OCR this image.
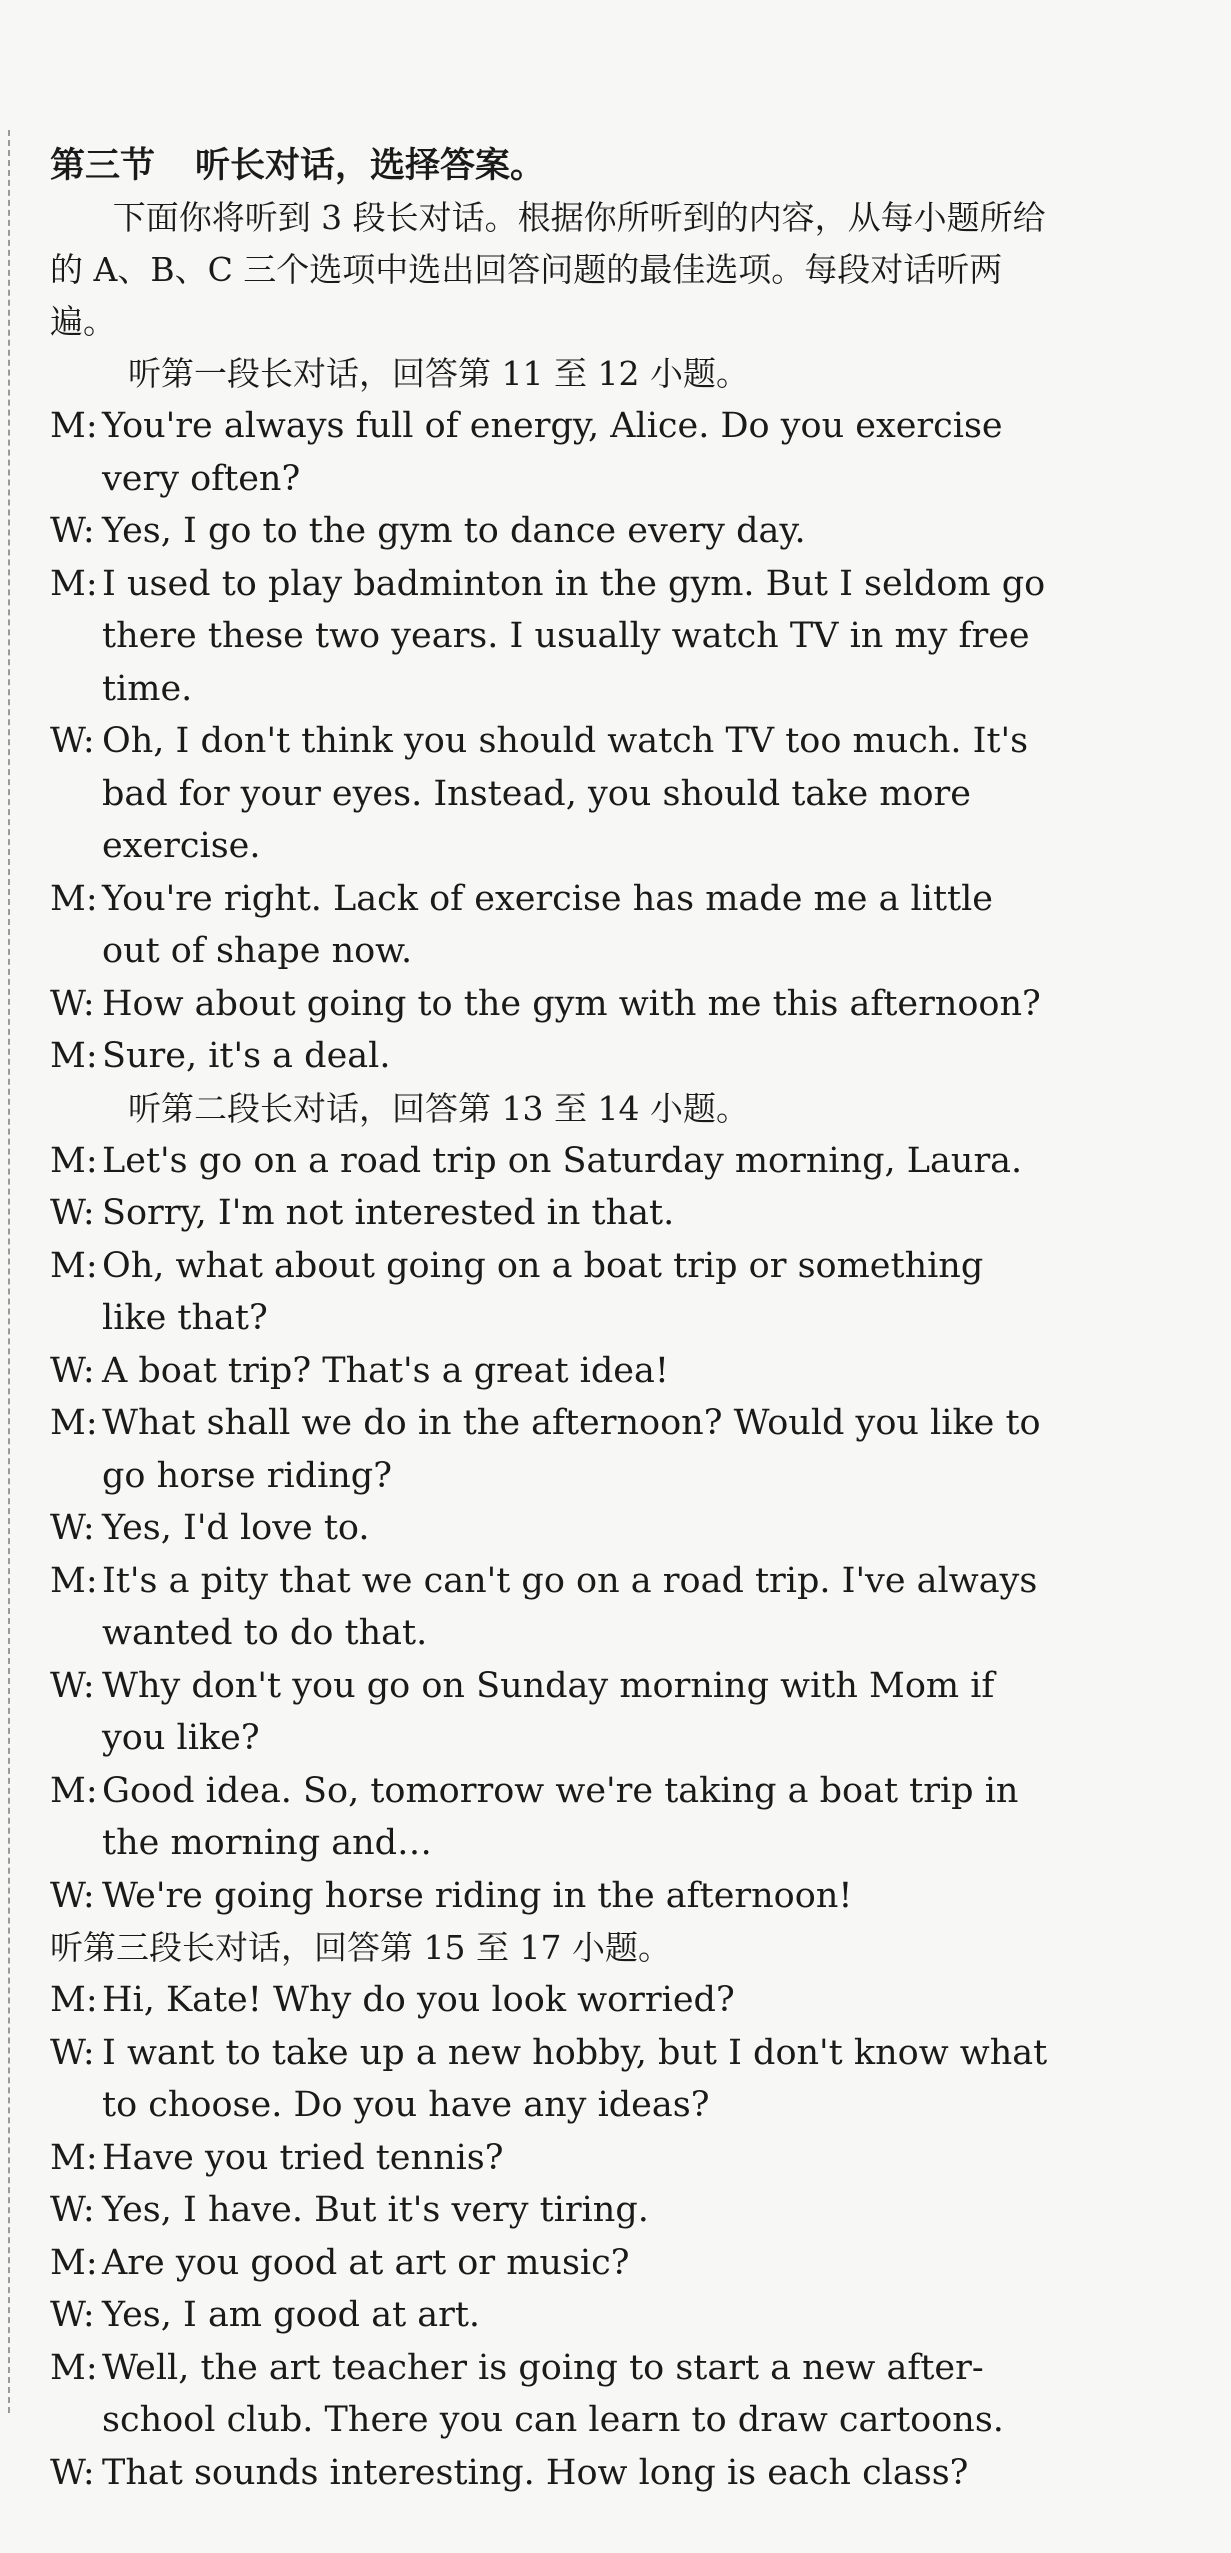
第三节 听长对话，选择答案。
下面你将听到 3 段长对话。根据你所听到的内容，从每小题所给的 A、B、C 三个选项中选出回答问题的最佳选项。每段对话听两遍。
听第一段长对话，回答第 11 至 12 小题。
M: You're always full of energy, Alice. Do you exercise very often?
W: Yes, I go to the gym to dance every day.
M: I used to play badminton in the gym. But I seldom go there these two years. I usually watch TV in my free time.
W: Oh, I don't think you should watch TV too much. It's bad for your eyes. Instead, you should take more exercise.
M: You're right. Lack of exercise has made me a little out of shape now.
W: How about going to the gym with me this afternoon?
M: Sure, it's a deal.
听第二段长对话，回答第 13 至 14 小题。
M: Let's go on a road trip on Saturday morning, Laura.
W: Sorry, I'm not interested in that.
M: Oh, what about going on a boat trip or something like that?
W: A boat trip? That's a great idea!
M: What shall we do in the afternoon? Would you like to go horse riding?
W: Yes, I'd love to.
M: It's a pity that we can't go on a road trip. I've always wanted to do that.
W: Why don't you go on Sunday morning with Mom if you like?
M: Good idea. So, tomorrow we're taking a boat trip in the morning and…
W: We're going horse riding in the afternoon!
听第三段长对话，回答第 15 至 17 小题。
M: Hi, Kate! Why do you look worried?
W: I want to take up a new hobby, but I don't know what to choose. Do you have any ideas?
M: Have you tried tennis?
W: Yes, I have. But it's very tiring.
M: Are you good at art or music?
W: Yes, I am good at art.
M: Well, the art teacher is going to start a new after-school club. There you can learn to draw cartoons.
W: That sounds interesting. How long is each class?
